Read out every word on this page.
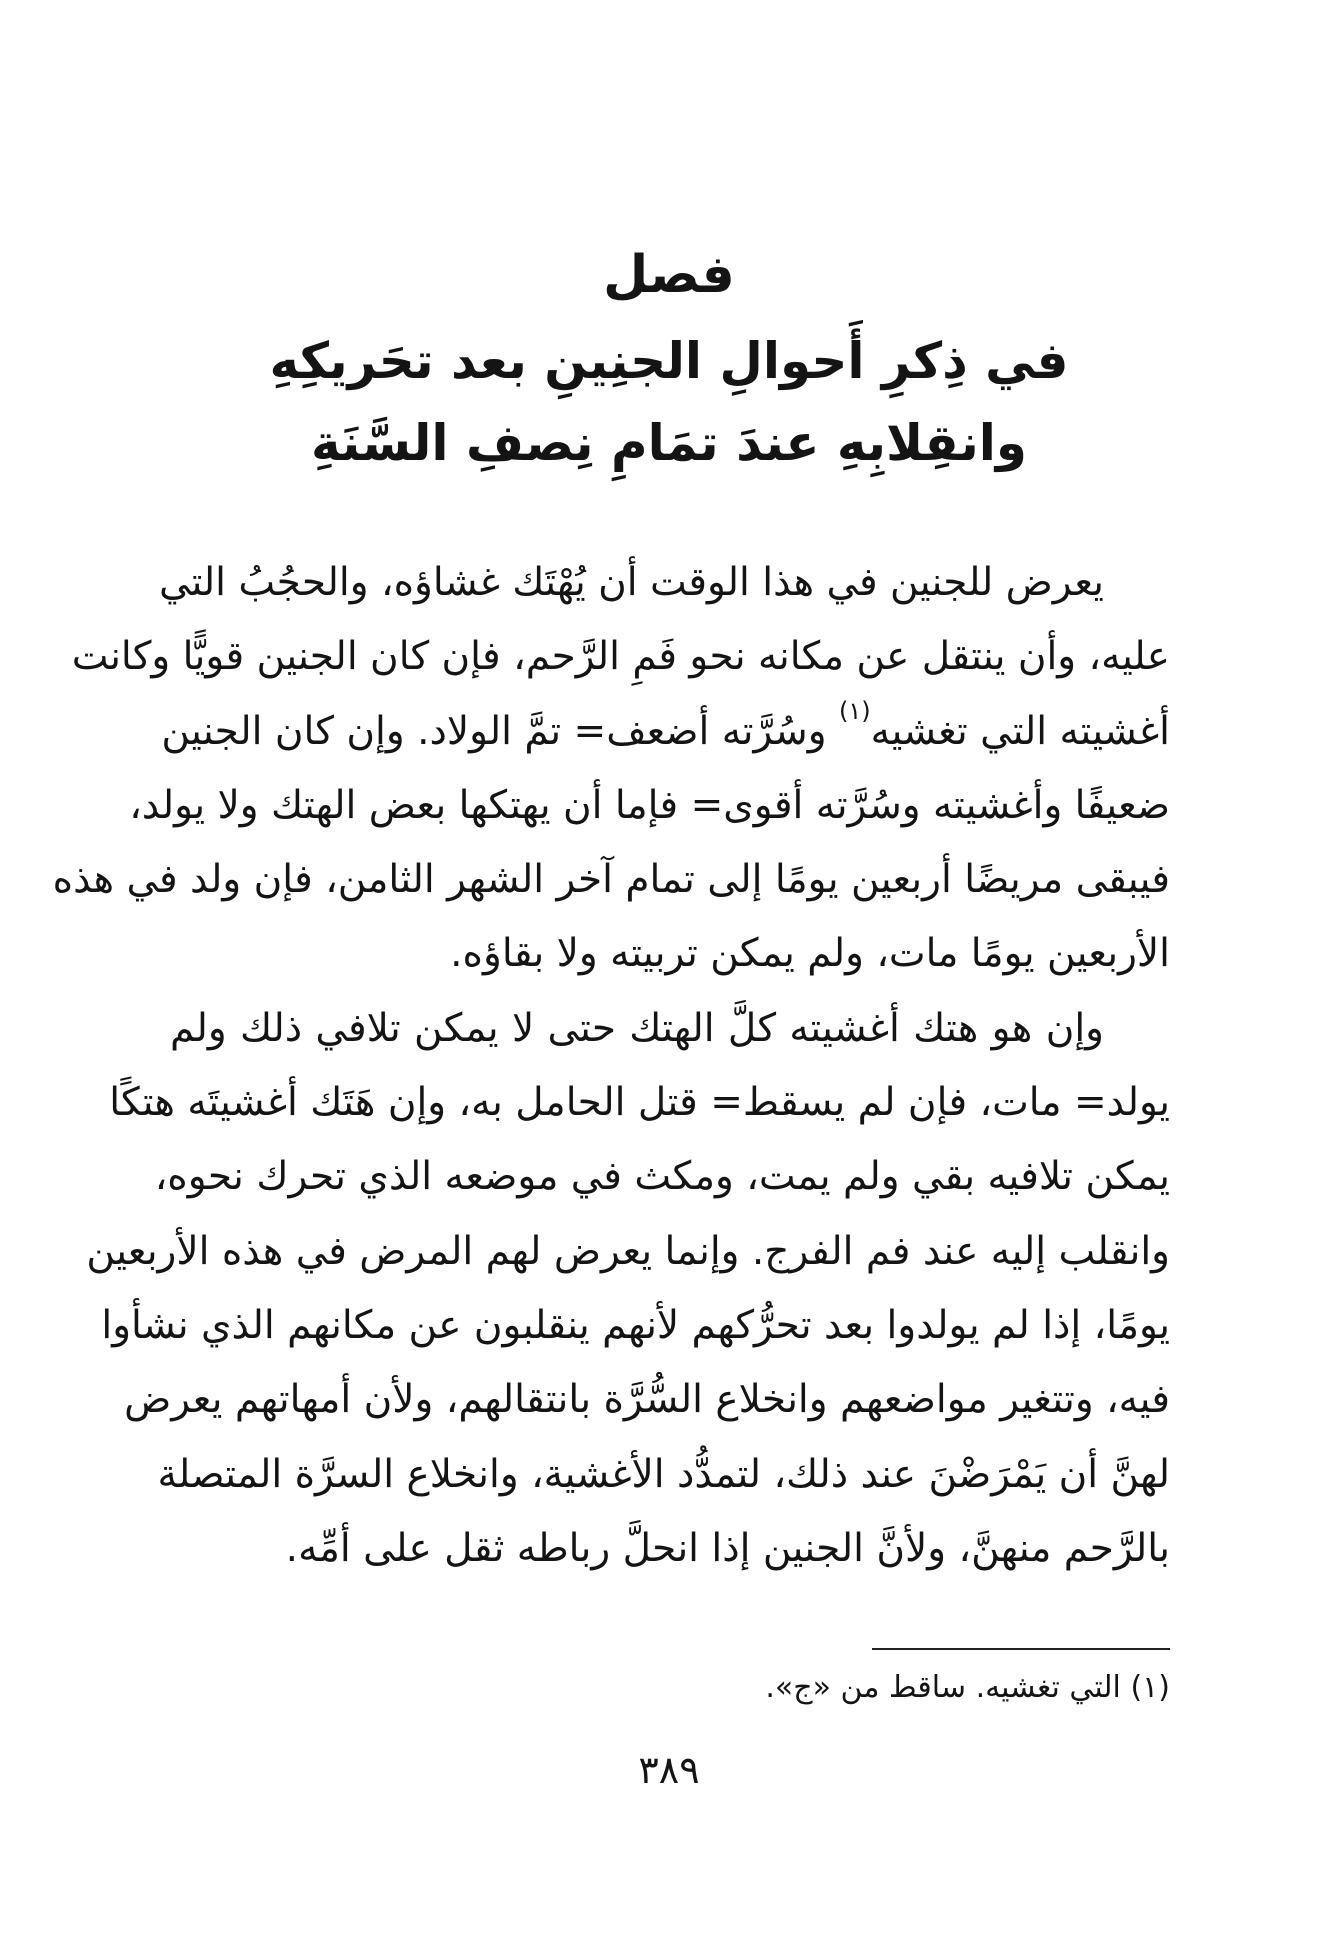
فصل
في ذِكرِ أَحوالِ الجنِينِ بعد تحَريكِهِ
وانقِلابِهِ عندَ تمَامِ نِصفِ السَّنَةِ

يعرض للجنين في هذا الوقت أن يُهْتَك غشاؤه، والحجُبُ التي
عليه، وأن ينتقل عن مكانه نحو فَمِ الرَّحم، فإن كان الجنين قويًّا وكانت
أغشيته التي تغشيه$^{(١)}$ وسُرَّته أضعف= تمَّ الولاد. وإن كان الجنين
ضعيفًا وأغشيته وسُرَّته أقوى= فإما أن يهتكها بعض الهتك ولا يولد،
فيبقى مريضًا أربعين يومًا إلى تمام آخر الشهر الثامن، فإن ولد في هذه
الأربعين يومًا مات، ولم يمكن تربيته ولا بقاؤه.

وإن هو هتك أغشيته كلَّ الهتك حتى لا يمكن تلافي ذلك ولم
يولد= مات، فإن لم يسقط= قتل الحامل به، وإن هَتَك أغشيتَه هتكًا
يمكن تلافيه بقي ولم يمت، ومكث في موضعه الذي تحرك نحوه،
وانقلب إليه عند فم الفرج. وإنما يعرض لهم المرض في هذه الأربعين
يومًا، إذا لم يولدوا بعد تحرُّكهم لأنهم ينقلبون عن مكانهم الذي نشأوا
فيه، وتتغير مواضعهم وانخلاع السُّرَّة بانتقالهم، ولأن أمهاتهم يعرض
لهنَّ أن يَمْرَضْنَ عند ذلك، لتمدُّد الأغشية، وانخلاع السرَّة المتصلة
بالرَّحم منهنَّ، ولأنَّ الجنين إذا انحلَّ رباطه ثقل على أمِّه.

(١) التي تغشيه. ساقط من «ج».
٣٨٩
